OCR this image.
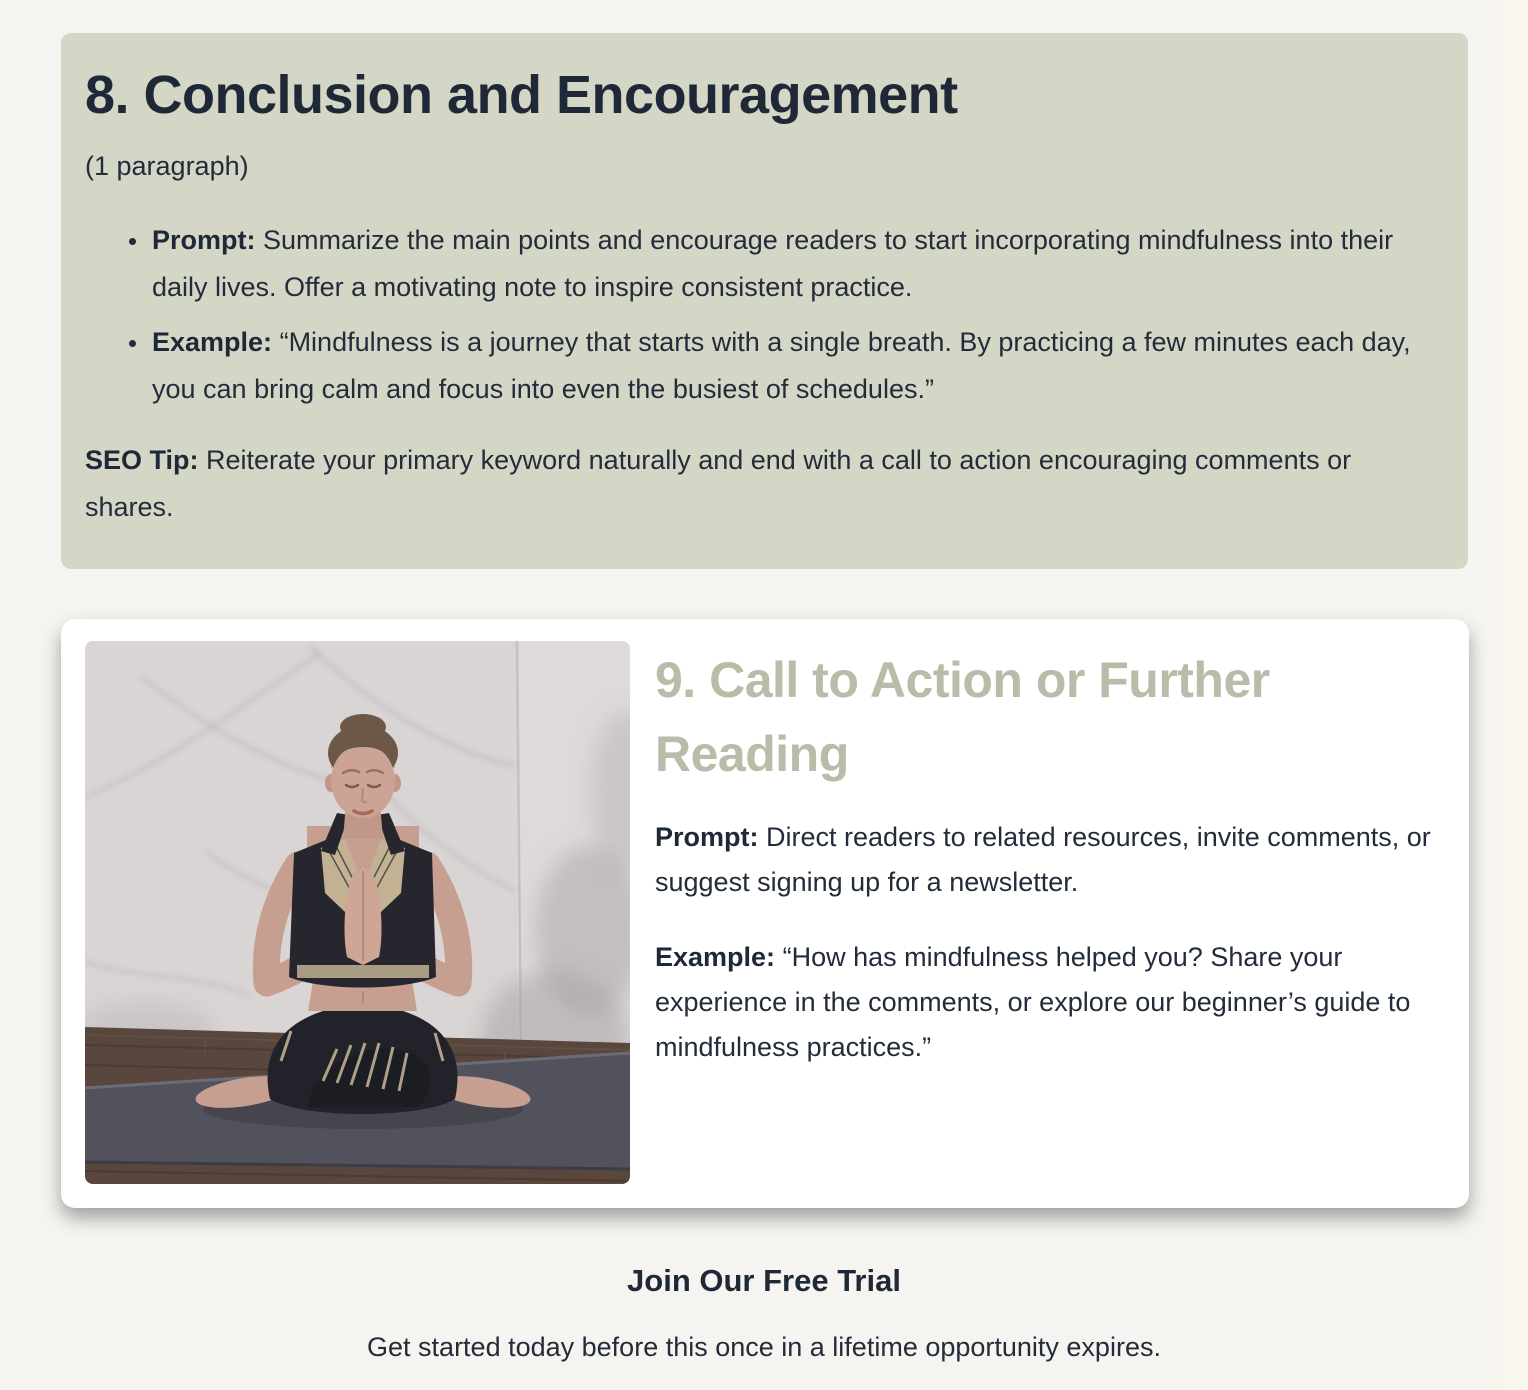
8. Conclusion and Encouragement

(1 paragraph)

• Prompt: Summarize the main points and encourage readers to start incorporating mindfulness into their daily lives. Offer a motivating note to inspire consistent practice.
• Example: “Mindfulness is a journey that starts with a single breath. By practicing a few minutes each day, you can bring calm and focus into even the busiest of schedules.”

SEO Tip: Reiterate your primary keyword naturally and end with a call to action encouraging comments or shares.

9. Call to Action or Further Reading

Prompt: Direct readers to related resources, invite comments, or suggest signing up for a newsletter.

Example: “How has mindfulness helped you? Share your experience in the comments, or explore our beginner’s guide to mindfulness practices.”

Join Our Free Trial

Get started today before this once in a lifetime opportunity expires.
